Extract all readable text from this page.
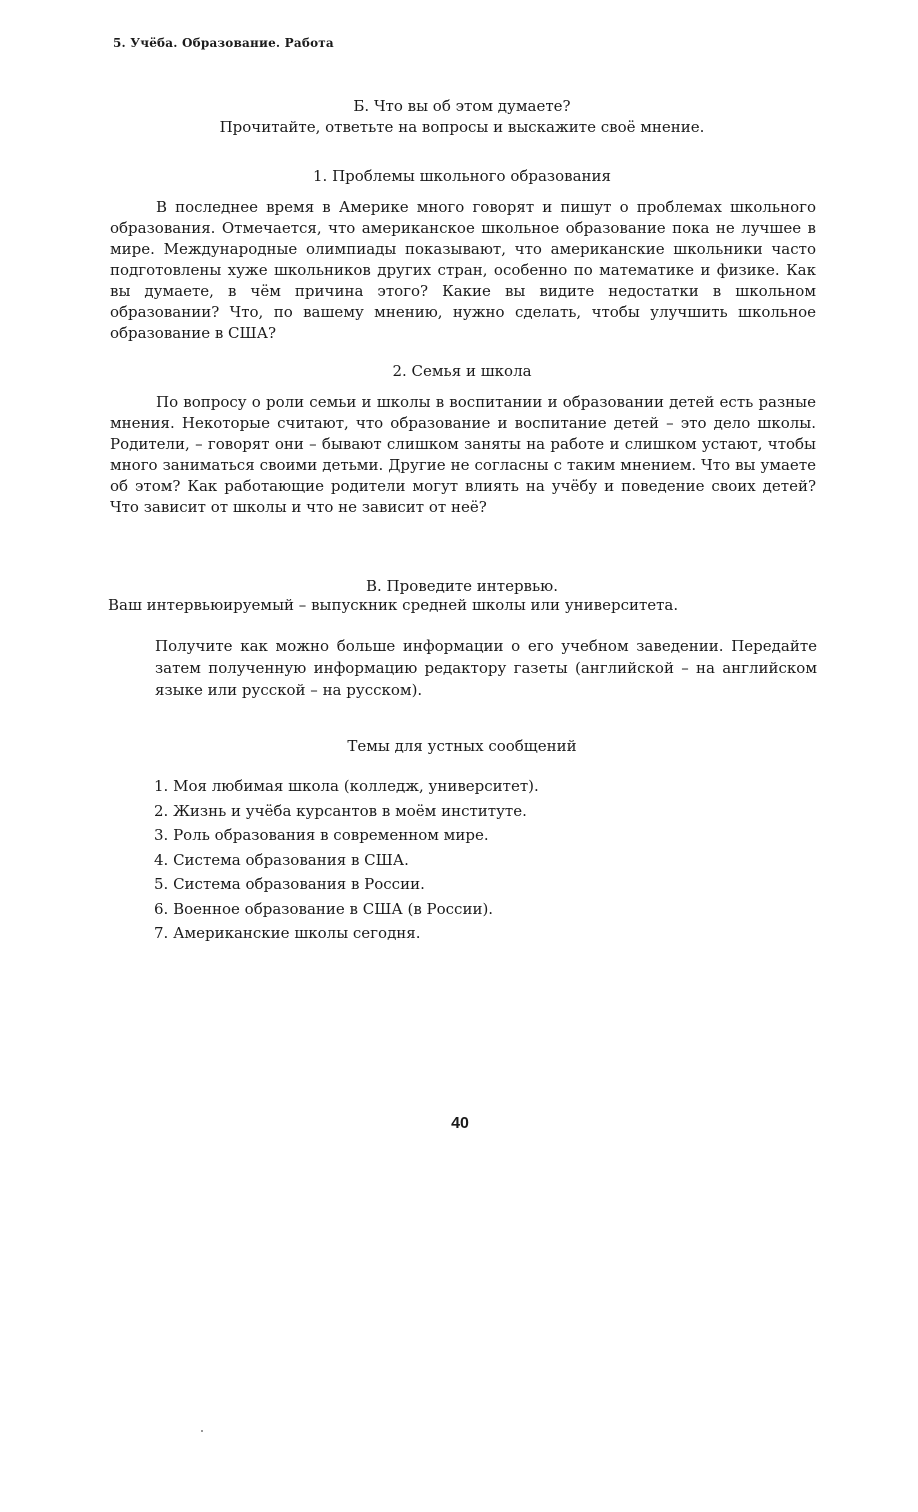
5. Учёба. Образование. Работа
Б. Что вы об этом думаете?
Прочитайте, ответьте на вопросы и выскажите своё мнение.
1. Проблемы школьного образования

В последнее время в Америке много говорят и пишут о проблемах школьного образования. Отмечается, что американское школьное образование пока не лучшее в мире. Международные олимпиады показывают, что американские школьники часто подготовлены хуже школьников других стран, особенно по математике и физике. Как вы думаете, в чём причина этого? Какие вы видите недостатки в школьном образовании? Что, по вашему мнению, нужно сделать, чтобы улучшить школьное образование в США?

2. Семья и школа

По вопросу о роли семьи и школы в воспитании и образовании детей есть разные мнения. Некоторые считают, что образование и воспитание детей – это дело школы. Родители, – говорят они – бывают слишком заняты на работе и слишком устают, чтобы много заниматься своими детьми. Другие не согласны с таким мнением. Что вы умаете об этом? Как работающие родители могут влиять на учёбу и поведение своих детей? Что зависит от школы и что не зависит от неё?

В. Проведите интервью.
Ваш интервьюируемый – выпускник средней школы или университета.

Получите как можно больше информации о его учебном заведении. Передайте затем полученную информацию редактору газеты (английской – на английском языке или русской – на русском).

Темы для устных сообщений
1. Моя любимая школа (колледж, университет).
2. Жизнь и учёба курсантов в моём институте.
3. Роль образования в современном мире.
4. Система образования в США.
5. Система образования в России.
6. Военное образование в США (в России).
7. Американские школы сегодня.
40
